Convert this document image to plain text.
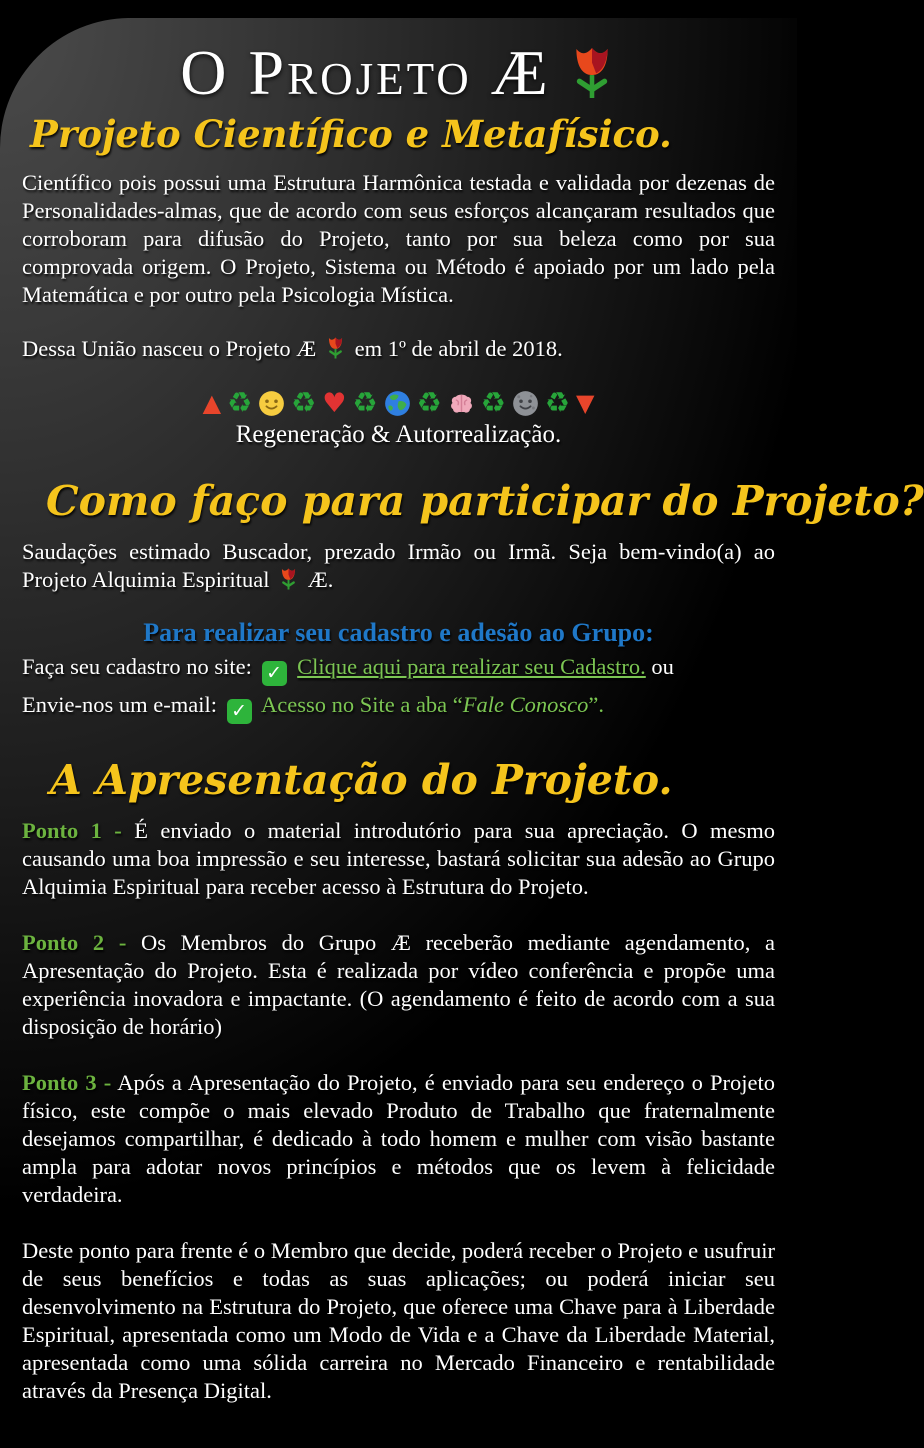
O Projeto Æ
Projeto Científico e Metafísico.

Científico pois possui uma Estrutura Harmônica testada e validada por dezenas de Personalidades-almas, que de acordo com seus esforços alcançaram resultados que corroboram para difusão do Projeto, tanto por sua beleza como por sua comprovada origem. O Projeto, Sistema ou Método é apoiado por um lado pela Matemática e por outro pela Psicologia Mística.

Dessa União nasceu o Projeto Æ em 1º de abril de 2018.

▲ ♻ ♻ ♥ ♻ ♻ ♻ ♻ ▼

Regeneração & Autorrealização.

Como faço para participar do Projeto?

Saudações estimado Buscador, prezado Irmão ou Irmã. Seja bem-vindo(a) ao Projeto Alquimia Espiritual Æ.

Para realizar seu cadastro e adesão ao Grupo:

Faça seu cadastro no site: ✓ Clique aqui para realizar seu Cadastro. ou

Envie-nos um e-mail: ✓ Acesso no Site a aba “Fale Conosco”.

A Apresentação do Projeto.

Ponto 1 - É enviado o material introdutório para sua apreciação. O mesmo causando uma boa impressão e seu interesse, bastará solicitar sua adesão ao Grupo Alquimia Espiritual para receber acesso à Estrutura do Projeto.

Ponto 2 - Os Membros do Grupo Æ receberão mediante agendamento, a Apresentação do Projeto. Esta é realizada por vídeo conferência e propõe uma experiência inovadora e impactante. (O agendamento é feito de acordo com a sua disposição de horário)

Ponto 3 - Após a Apresentação do Projeto, é enviado para seu endereço o Projeto físico, este compõe o mais elevado Produto de Trabalho que fraternalmente desejamos compartilhar, é dedicado à todo homem e mulher com visão bastante ampla para adotar novos princípios e métodos que os levem à felicidade verdadeira.

Deste ponto para frente é o Membro que decide, poderá receber o Projeto e usufruir de seus benefícios e todas as suas aplicações; ou poderá iniciar seu desenvolvimento na Estrutura do Projeto, que oferece uma Chave para à Liberdade Espiritual, apresentada como um Modo de Vida e a Chave da Liberdade Material, apresentada como uma sólida carreira no Mercado Financeiro e rentabilidade através da Presença Digital.
